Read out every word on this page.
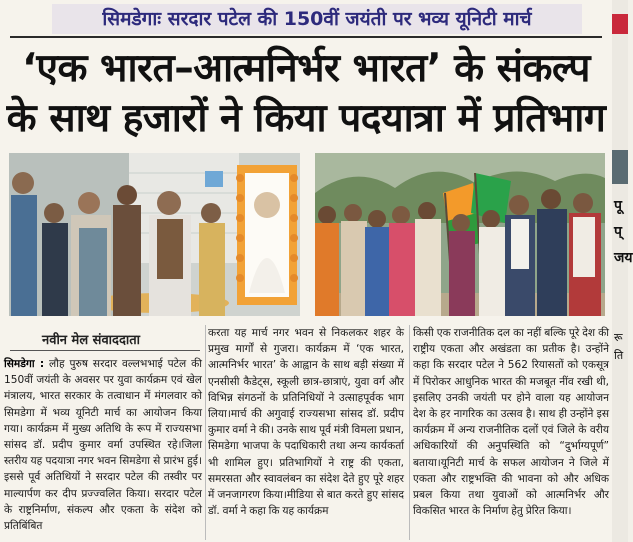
सिमडेगाः सरदार पटेल की 150वीं जयंती पर भव्य यूनिटी मार्च
‘एक भारत–आत्मनिर्भर भारत’ के संकल्प
के साथ हजारों ने किया पदयात्रा में प्रतिभाग
नवीन मेल संवाददाता

सिमडेगा : लौह पुरुष सरदार वल्लभभाई पटेल की 150वीं जयंती के अवसर पर युवा कार्यक्रम एवं खेल मंत्रालय, भारत सरकार के तत्वाधान में मंगलवार को सिमडेगा में भव्य यूनिटी मार्च का आयोजन किया गया। कार्यक्रम में मुख्य अतिथि के रूप में राज्यसभा सांसद डॉ. प्रदीप कुमार वर्मा उपस्थित रहे।जिला स्तरीय यह पदयात्रा नगर भवन सिमडेगा से प्रारंभ हुई।इससे पूर्व अतिथियों ने सरदार पटेल की तस्वीर पर माल्यार्पण कर दीप प्रज्ज्वलित किया। सरदार पटेल के राष्ट्रनिर्माण, संकल्प और एकता के संदेश को प्रतिबिंबित

करता यह मार्च नगर भवन से निकलकर शहर के प्रमुख मार्गों से गुजरा। कार्यक्रम में ‘एक भारत, आत्मनिर्भर भारत’ के आह्वान के साथ बड़ी संख्या में एनसीसी कैडेट्स, स्कूली छात्र-छात्राएं, युवा वर्ग और विभिन्न संगठनों के प्रतिनिधियों ने उत्साहपूर्वक भाग लिया।मार्च की अगुवाई राज्यसभा सांसद डॉ. प्रदीप कुमार वर्मा ने की। उनके साथ पूर्व मंत्री विमला प्रधान, सिमडेगा भाजपा के पदाधिकारी तथा अन्य कार्यकर्ता भी शामिल हुए। प्रतिभागियों ने राष्ट्र की एकता, समरसता और स्वावलंबन का संदेश देते हुए पूरे शहर में जनजागरण किया।मीडिया से बात करते हुए सांसद डॉ. वर्मा ने कहा कि यह कार्यक्रम

किसी एक राजनीतिक दल का नहीं बल्कि पूरे देश की राष्ट्रीय एकता और अखंडता का प्रतीक है। उन्होंने कहा कि सरदार पटेल ने 562 रियासतों को एकसूत्र में पिरोकर आधुनिक भारत की मजबूत नींव रखी थी, इसलिए उनकी जयंती पर होने वाला यह आयोजन देश के हर नागरिक का उत्सव है। साथ ही उन्होंने इस कार्यक्रम में अन्य राजनीतिक दलों एवं जिले के वरीय अधिकारियों की अनुपस्थिति को “दुर्भाग्यपूर्ण” बताया।यूनिटी मार्च के सफल आयोजन ने जिले में एकता और राष्ट्रभक्ति की भावना को और अधिक प्रबल किया तथा युवाओं को आत्मनिर्भर और विकसित भारत के निर्माण हेतु प्रेरित किया।

पू
प्
जय
रू
ति
